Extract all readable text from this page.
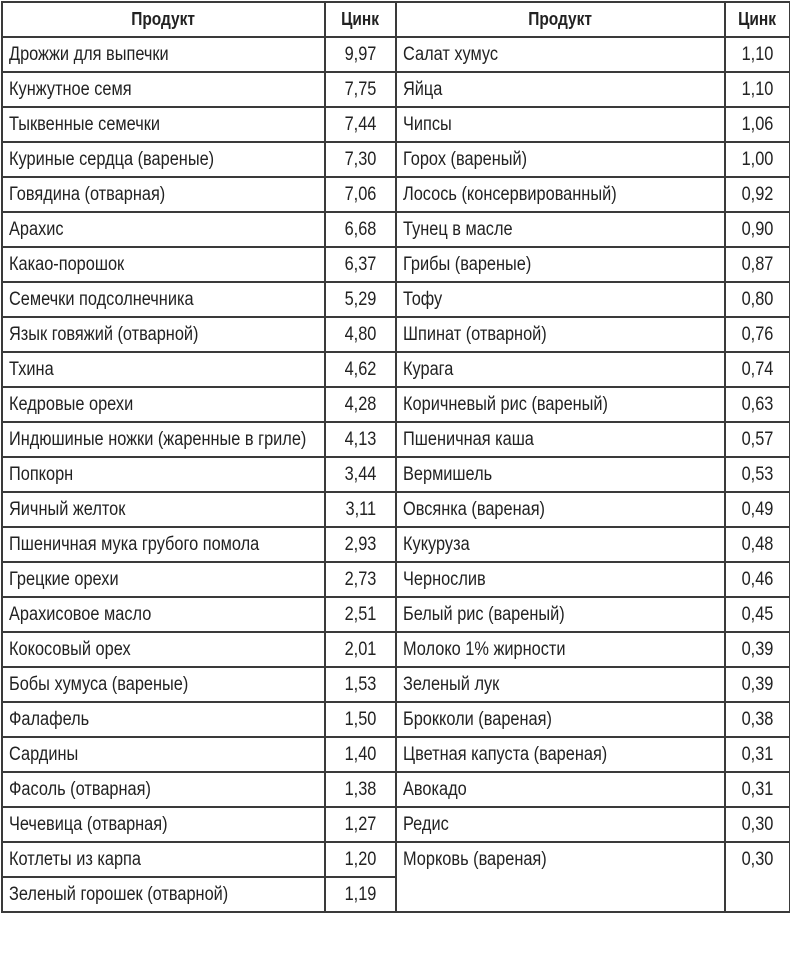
Продукт	Цинк	Продукт	Цинк
Дрожжи для выпечки	9,97	Салат хумус	1,10
Кунжутное семя	7,75	Яйца	1,10
Тыквенные семечки	7,44	Чипсы	1,06
Куриные сердца (вареные)	7,30	Горох (вареный)	1,00
Говядина (отварная)	7,06	Лосось (консервированный)	0,92
Арахис	6,68	Тунец в масле	0,90
Какао-порошок	6,37	Грибы (вареные)	0,87
Семечки подсолнечника	5,29	Тофу	0,80
Язык говяжий (отварной)	4,80	Шпинат (отварной)	0,76
Тхина	4,62	Курага	0,74
Кедровые орехи	4,28	Коричневый рис (вареный)	0,63
Индюшиные ножки (жаренные в гриле)	4,13	Пшеничная каша	0,57
Попкорн	3,44	Вермишель	0,53
Яичный желток	3,11	Овсянка (вареная)	0,49
Пшеничная мука грубого помола	2,93	Кукуруза	0,48
Грецкие орехи	2,73	Чернослив	0,46
Арахисовое масло	2,51	Белый рис (вареный)	0,45
Кокосовый орех	2,01	Молоко 1% жирности	0,39
Бобы хумуса (вареные)	1,53	Зеленый лук	0,39
Фалафель	1,50	Брокколи (вареная)	0,38
Сардины	1,40	Цветная капуста (вареная)	0,31
Фасоль (отварная)	1,38	Авокадо	0,31
Чечевица (отварная)	1,27	Редис	0,30
Котлеты из карпа	1,20	Морковь (вареная)	0,30
Зеленый горошек (отварной)	1,19		
